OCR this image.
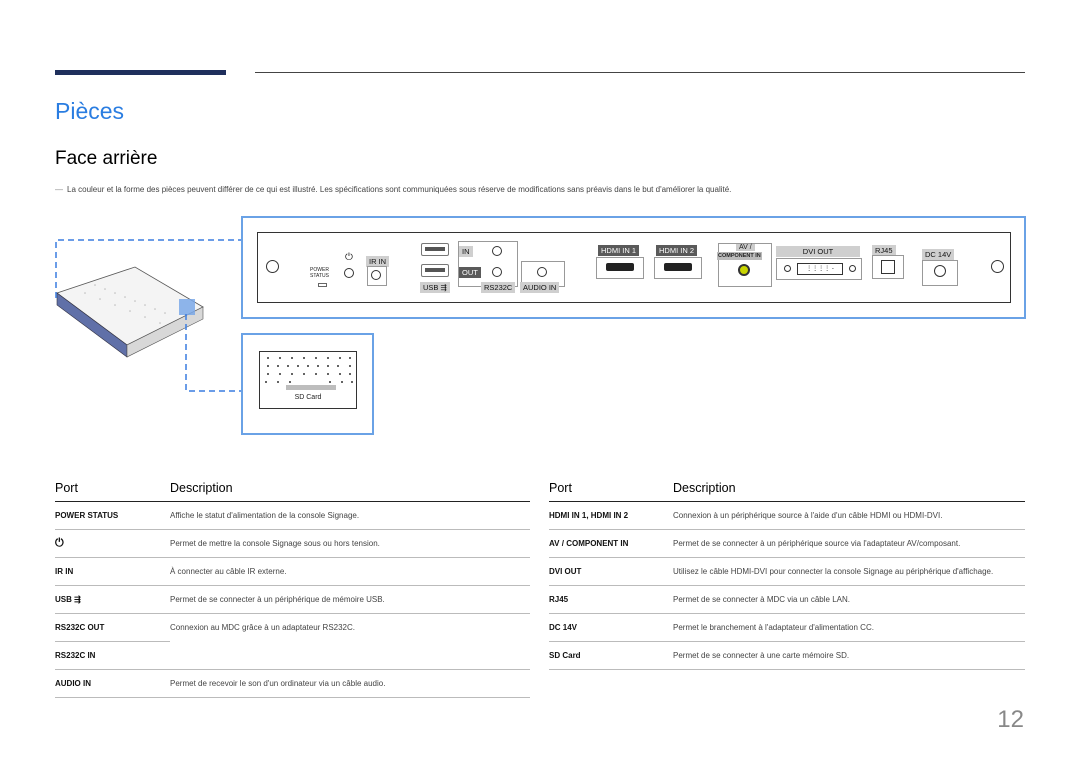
Pièces
Face arrière
— La couleur et la forme des pièces peuvent différer de ce qui est illustré. Les spécifications sont communiquées sous réserve de modifications sans préavis dans le but d'améliorer la qualité.
POWER
STATUS
⏻	IR IN
USB ⇶
IN
OUT
RS232C	AUDIO IN
HDMI IN 1	HDMI IN 2	AV /
COMPONENT IN	DVI OUT
⋮⋮⋮⋮ -
RJ45	DC 14V
SD Card
Port	Description
POWER STATUS	Affiche le statut d'alimentation de la console Signage.
⏻	Permet de mettre la console Signage sous ou hors tension.
IR IN	À connecter au câble IR externe.
USB ⇶	Permet de se connecter à un périphérique de mémoire USB.
RS232C OUT	Connexion au MDC grâce à un adaptateur RS232C.
RS232C IN	
AUDIO IN	Permet de recevoir le son d'un ordinateur via un câble audio.
Port	Description
HDMI IN 1, HDMI IN 2	Connexion à un périphérique source à l'aide d'un câble HDMI ou HDMI-DVI.
AV / COMPONENT IN	Permet de se connecter à un périphérique source via l'adaptateur AV/composant.
DVI OUT	Utilisez le câble HDMI-DVI pour connecter la console Signage au périphérique d'affichage.
RJ45	Permet de se connecter à MDC via un câble LAN.
DC 14V	Permet le branchement à l'adaptateur d'alimentation CC.
SD Card	Permet de se connecter à une carte mémoire SD.
12
